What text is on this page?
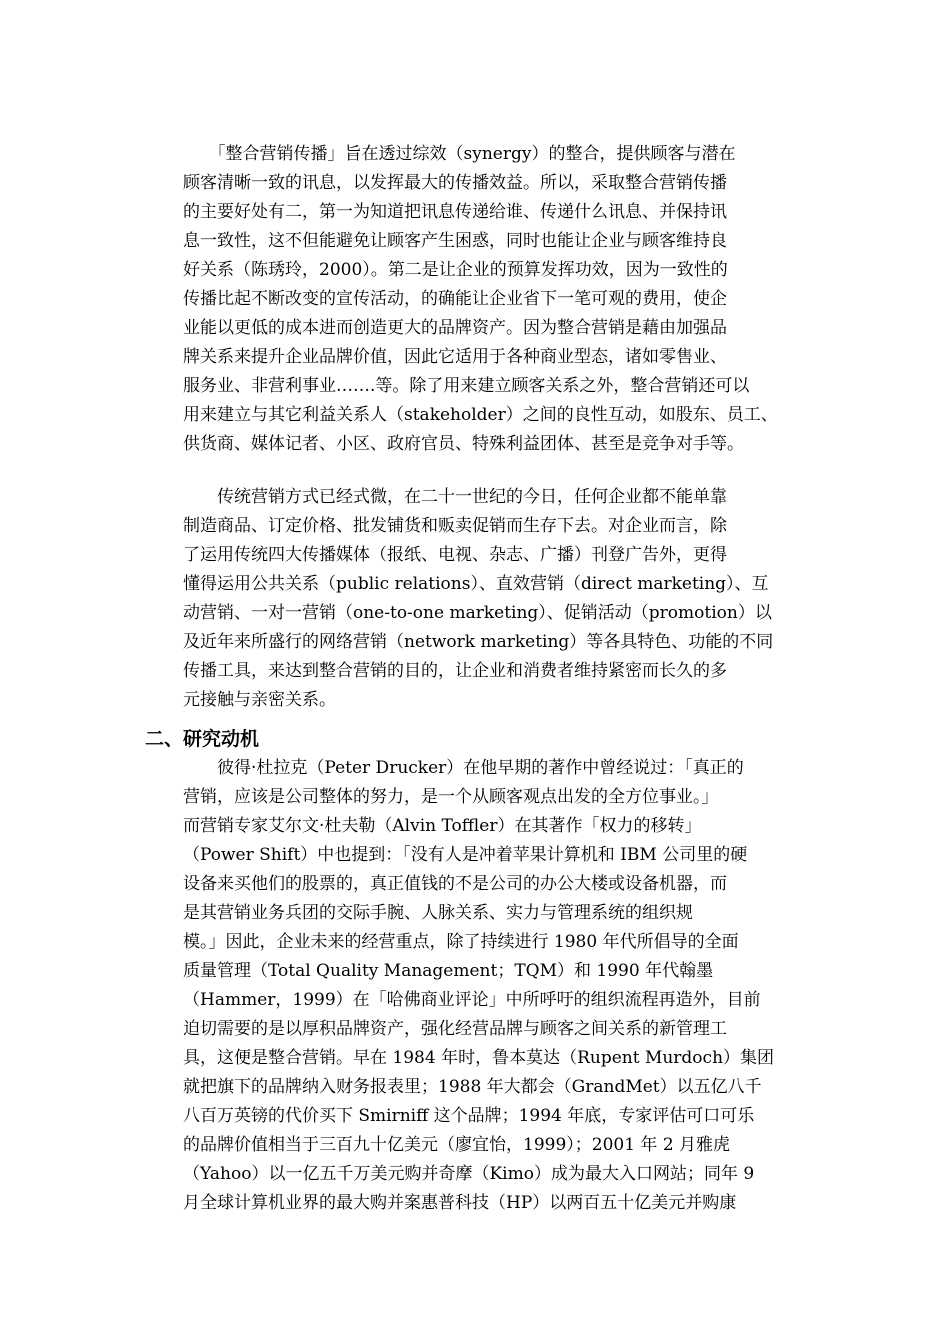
　　「整合营销传播」旨在透过综效（synergy）的整合，提供顾客与潜在
顾客清晰一致的讯息，以发挥最大的传播效益。所以，采取整合营销传播
的主要好处有二，第一为知道把讯息传递给谁、传递什么讯息、并保持讯
息一致性，这不但能避免让顾客产生困惑，同时也能让企业与顾客维持良
好关系（陈琇玲，2000）。第二是让企业的预算发挥功效，因为一致性的
传播比起不断改变的宣传活动，的确能让企业省下一笔可观的费用，使企
业能以更低的成本进而创造更大的品牌资产。因为整合营销是藉由加强品
牌关系来提升企业品牌价值，因此它适用于各种商业型态，诸如零售业、
服务业、非营利事业…….等。除了用来建立顾客关系之外，整合营销还可以
用来建立与其它利益关系人（stakeholder）之间的良性互动，如股东、员工、
供货商、媒体记者、小区、政府官员、特殊利益团体、甚至是竞争对手等。
　　传统营销方式已经式微，在二十一世纪的今日，任何企业都不能单靠
制造商品、订定价格、批发铺货和贩卖促销而生存下去。对企业而言，除
了运用传统四大传播媒体（报纸、电视、杂志、广播）刊登广告外，更得
懂得运用公共关系（public relations）、直效营销（direct marketing）、互
动营销、一对一营销（one-to-one marketing）、促销活动（promotion）以
及近年来所盛行的网络营销（network marketing）等各具特色、功能的不同
传播工具，来达到整合营销的目的，让企业和消费者维持紧密而长久的多
元接触与亲密关系。
二、研究动机
　　彼得·杜拉克（Peter Drucker）在他早期的著作中曾经说过：「真正的
营销，应该是公司整体的努力，是一个从顾客观点出发的全方位事业。」
而营销专家艾尔文·杜夫勒（Alvin Toffler）在其著作「权力的移转」
（Power Shift）中也提到：「没有人是冲着苹果计算机和 IBM 公司里的硬
设备来买他们的股票的，真正值钱的不是公司的办公大楼或设备机器，而
是其营销业务兵团的交际手腕、人脉关系、实力与管理系统的组织规
模。」因此，企业未来的经营重点，除了持续进行 1980 年代所倡导的全面
质量管理（Total Quality Management；TQM）和 1990 年代翰墨
（Hammer，1999）在「哈佛商业评论」中所呼吁的组织流程再造外，目前
迫切需要的是以厚积品牌资产，强化经营品牌与顾客之间关系的新管理工
具，这便是整合营销。早在 1984 年时，鲁本莫达（Rupent Murdoch）集团
就把旗下的品牌纳入财务报表里；1988 年大都会（GrandMet）以五亿八千
八百万英镑的代价买下 Smirniff 这个品牌；1994 年底，专家评估可口可乐
的品牌价值相当于三百九十亿美元（廖宜怡，1999）；2001 年 2 月雅虎
（Yahoo）以一亿五千万美元购并奇摩（Kimo）成为最大入口网站；同年 9
月全球计算机业界的最大购并案惠普科技（HP）以两百五十亿美元并购康
